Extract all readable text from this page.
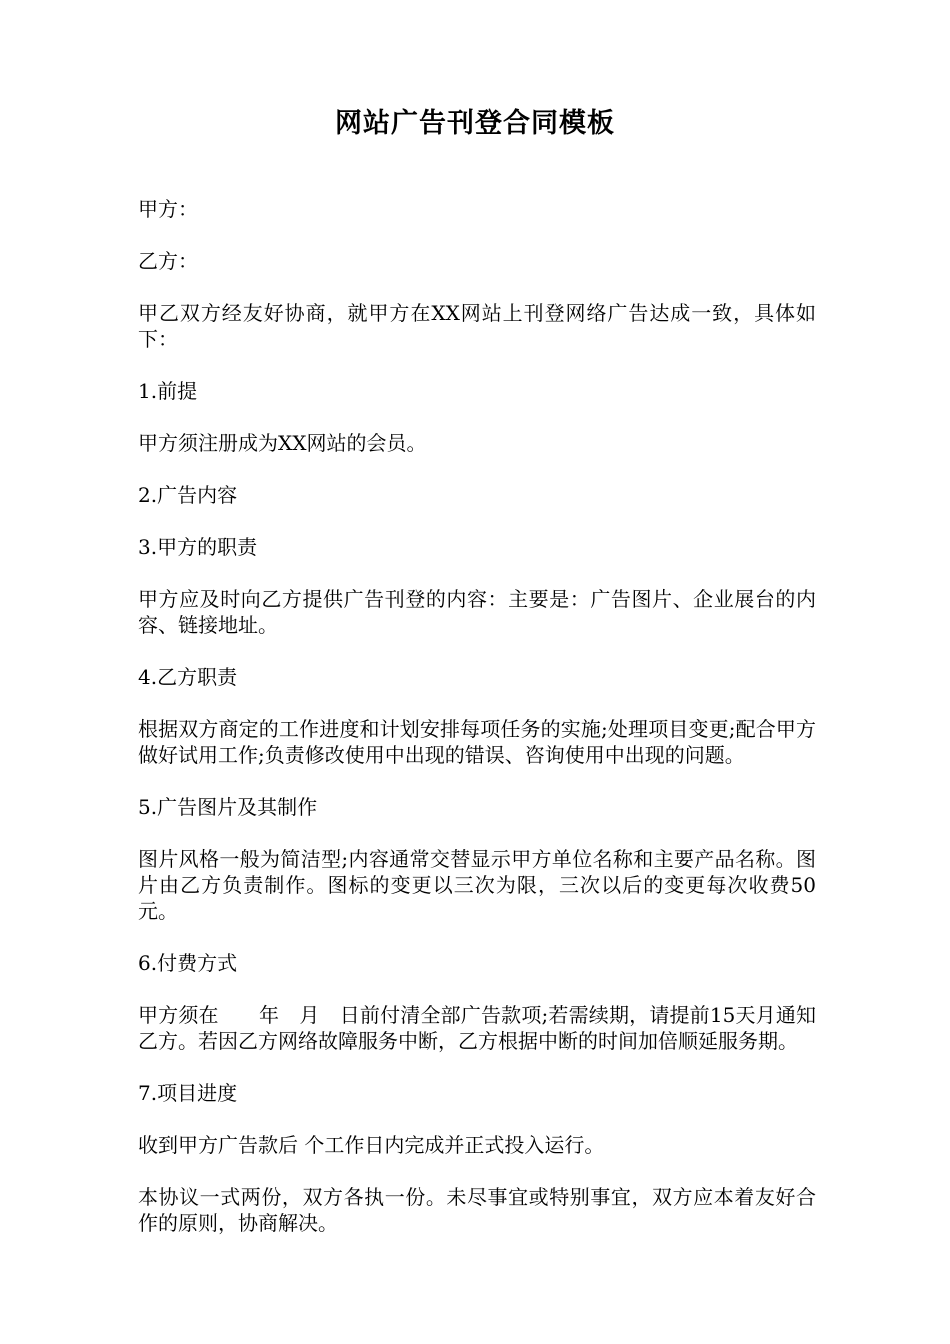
网站广告刊登合同模板

甲方：

乙方：

甲乙双方经友好协商，就甲方在XX网站上刊登网络广告达成一致，具体如下：

1.前提

甲方须注册成为XX网站的会员。

2.广告内容

3.甲方的职责

甲方应及时向乙方提供广告刊登的内容：主要是：广告图片、企业展台的内容、链接地址。

4.乙方职责

根据双方商定的工作进度和计划安排每项任务的实施;处理项目变更;配合甲方做好试用工作;负责修改使用中出现的错误、咨询使用中出现的问题。

5.广告图片及其制作

图片风格一般为简洁型;内容通常交替显示甲方单位名称和主要产品名称。图片由乙方负责制作。图标的变更以三次为限，三次以后的变更每次收费50元。

6.付费方式

甲方须在　　年　月　日前付清全部广告款项;若需续期，请提前15天月通知乙方。若因乙方网络故障服务中断，乙方根据中断的时间加倍顺延服务期。

7.项目进度

收到甲方广告款后 个工作日内完成并正式投入运行。

本协议一式两份，双方各执一份。未尽事宜或特别事宜，双方应本着友好合作的原则，协商解决。
